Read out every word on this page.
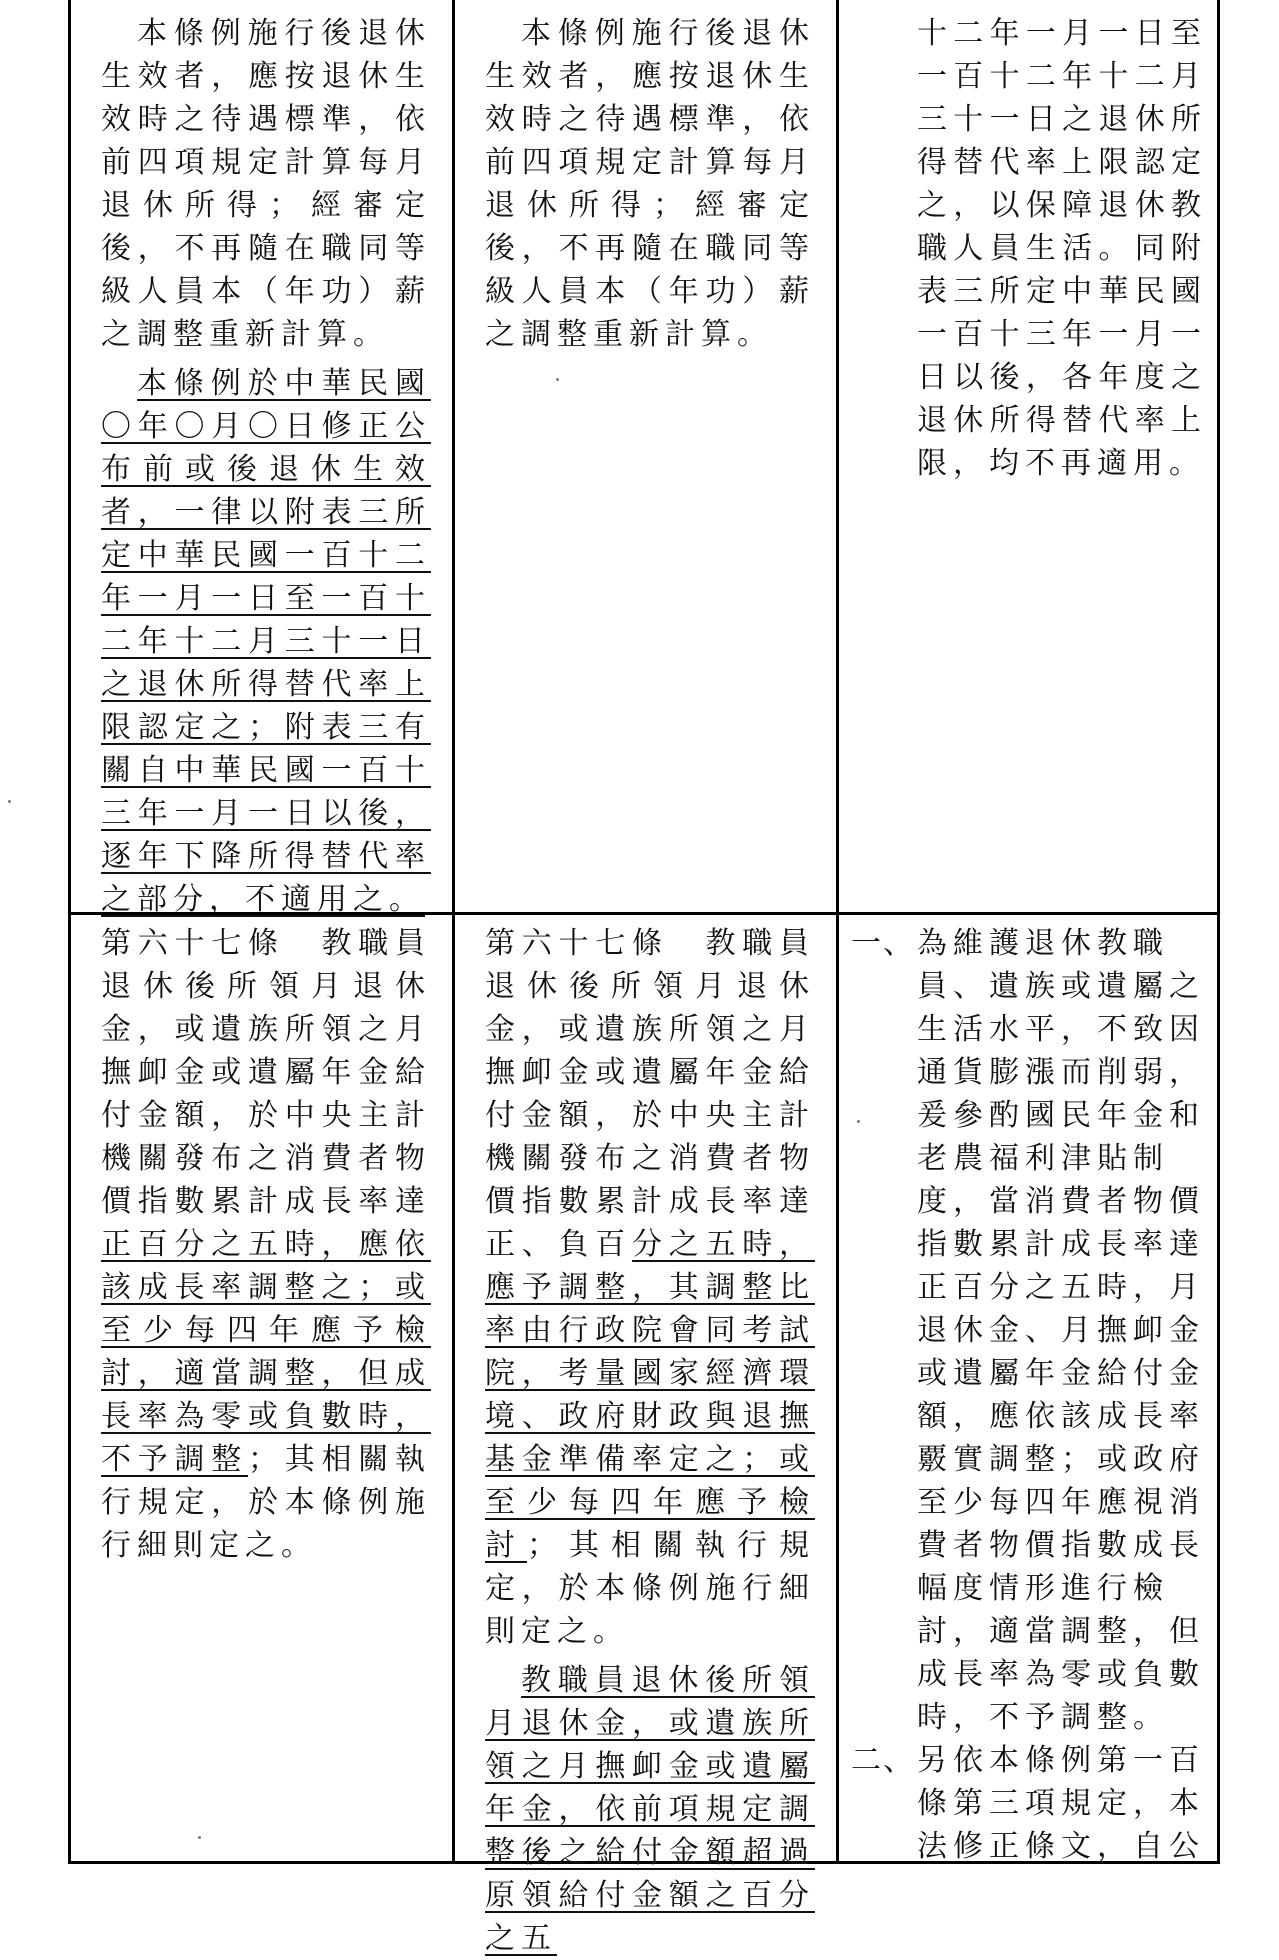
本條例施行後退休生效者，應按退休生效時之待遇標準，依前四項規定計算每月退休所得；經審定後，不再隨在職同等級人員本（年功）薪之調整重新計算。

本條例於中華民國〇年〇月〇日修正公布前或後退休生效者，一律以附表三所定中華民國一百十二年一月一日至一百十二年十二月三十一日之退休所得替代率上限認定之；附表三有關自中華民國一百十三年一月一日以後，逐年下降所得替代率之部分，不適用之。

本條例施行後退休生效者，應按退休生效時之待遇標準，依前四項規定計算每月退休所得；經審定後，不再隨在職同等級人員本（年功）薪之調整重新計算。

十二年一月一日至一百十二年十二月三十一日之退休所得替代率上限認定之，以保障退休教職人員生活。同附表三所定中華民國一百十三年一月一日以後，各年度之退休所得替代率上限，均不再適用。

第六十七條　教職員退休後所領月退休金，或遺族所領之月撫卹金或遺屬年金給付金額，於中央主計機關發布之消費者物價指數累計成長率達正百分之五時，應依該成長率調整之；或至少每四年應予檢討，適當調整，但成長率為零或負數時，不予調整；其相關執行規定，於本條例施行細則定之。

第六十七條　教職員退休後所領月退休金，或遺族所領之月撫卹金或遺屬年金給付金額，於中央主計機關發布之消費者物價指數累計成長率達正、負百分之五時，應予調整，其調整比率由行政院會同考試院，考量國家經濟環境、政府財政與退撫基金準備率定之；或至少每四年應予檢討；其相關執行規定，於本條例施行細則定之。

教職員退休後所領月退休金，或遺族所領之月撫卹金或遺屬年金，依前項規定調整後之給付金額超過原領給付金額之百分之五

一、為維護退休教職員、遺族或遺屬之生活水平，不致因通貨膨漲而削弱，爰參酌國民年金和老農福利津貼制度，當消費者物價指數累計成長率達正百分之五時，月退休金、月撫卹金或遺屬年金給付金額，應依該成長率覈實調整；或政府至少每四年應視消費者物價指數成長幅度情形進行檢討，適當調整，但成長率為零或負數時，不予調整。

二、另依本條例第一百條第三項規定，本法修正條文，自公
